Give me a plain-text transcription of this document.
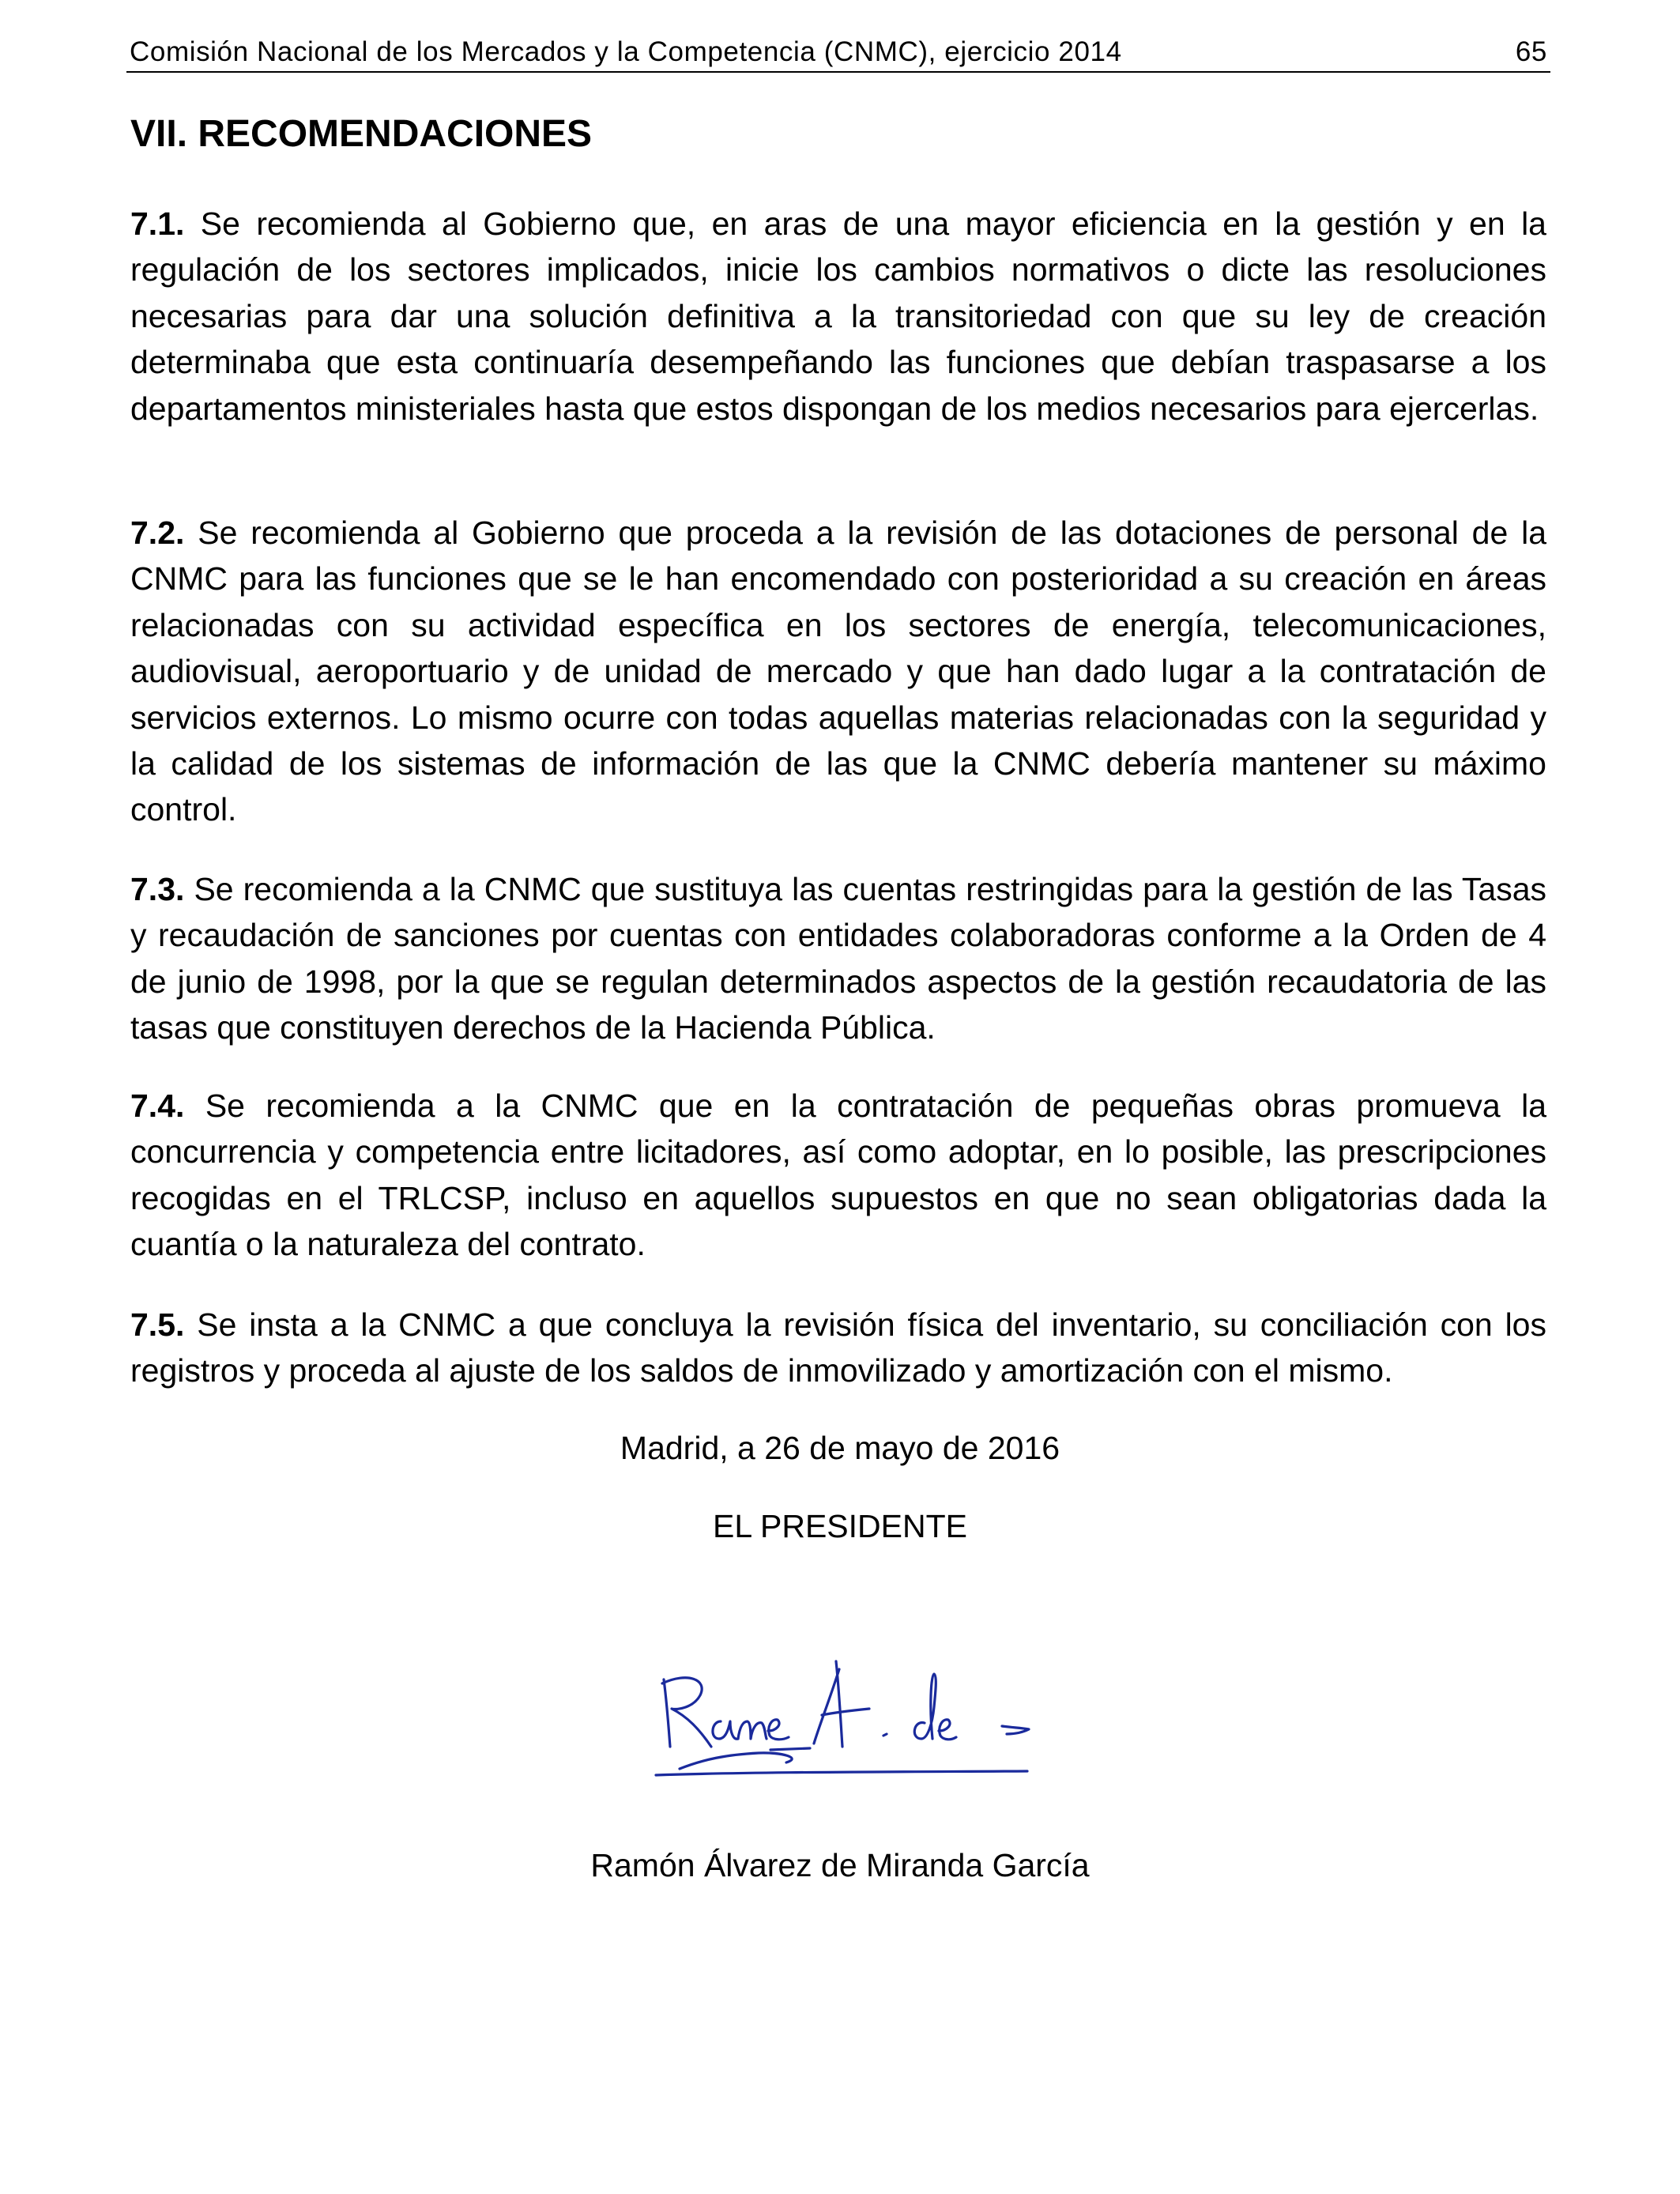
Comisión Nacional de los Mercados y la Competencia (CNMC), ejercicio 2014	65
VII. RECOMENDACIONES

7.1. Se recomienda al Gobierno que, en aras de una mayor eficiencia en la gestión y en la regulación de los sectores implicados, inicie los cambios normativos o dicte las resoluciones necesarias para dar una solución definitiva a la transitoriedad con que su ley de creación determinaba que esta continuaría desempeñando las funciones que debían traspasarse a los departamentos ministeriales hasta que estos dispongan de los medios necesarios para ejercerlas.

7.2. Se recomienda al Gobierno que proceda a la revisión de las dotaciones de personal de la CNMC para las funciones que se le han encomendado con posterioridad a su creación en áreas relacionadas con su actividad específica en los sectores de energía, telecomunicaciones, audiovisual, aeroportuario y de unidad de mercado y que han dado lugar a la contratación de servicios externos. Lo mismo ocurre con todas aquellas materias relacionadas con la seguridad y la calidad de los sistemas de información de las que la CNMC debería mantener su máximo control.

7.3. Se recomienda a la CNMC que sustituya las cuentas restringidas para la gestión de las Tasas y recaudación de sanciones por cuentas con entidades colaboradoras conforme a la Orden de 4 de junio de 1998, por la que se regulan determinados aspectos de la gestión recaudatoria de las tasas que constituyen derechos de la Hacienda Pública.

7.4. Se recomienda a la CNMC que en la contratación de pequeñas obras promueva la concurrencia y competencia entre licitadores, así como adoptar, en lo posible, las prescripciones recogidas en el TRLCSP, incluso en aquellos supuestos en que no sean obligatorias dada la cuantía o la naturaleza del contrato.

7.5. Se insta a la CNMC a que concluya la revisión física del inventario, su conciliación con los registros y proceda al ajuste de los saldos de inmovilizado y amortización con el mismo.

Madrid, a 26 de mayo de 2016

EL PRESIDENTE

Ramón Álvarez de Miranda García
